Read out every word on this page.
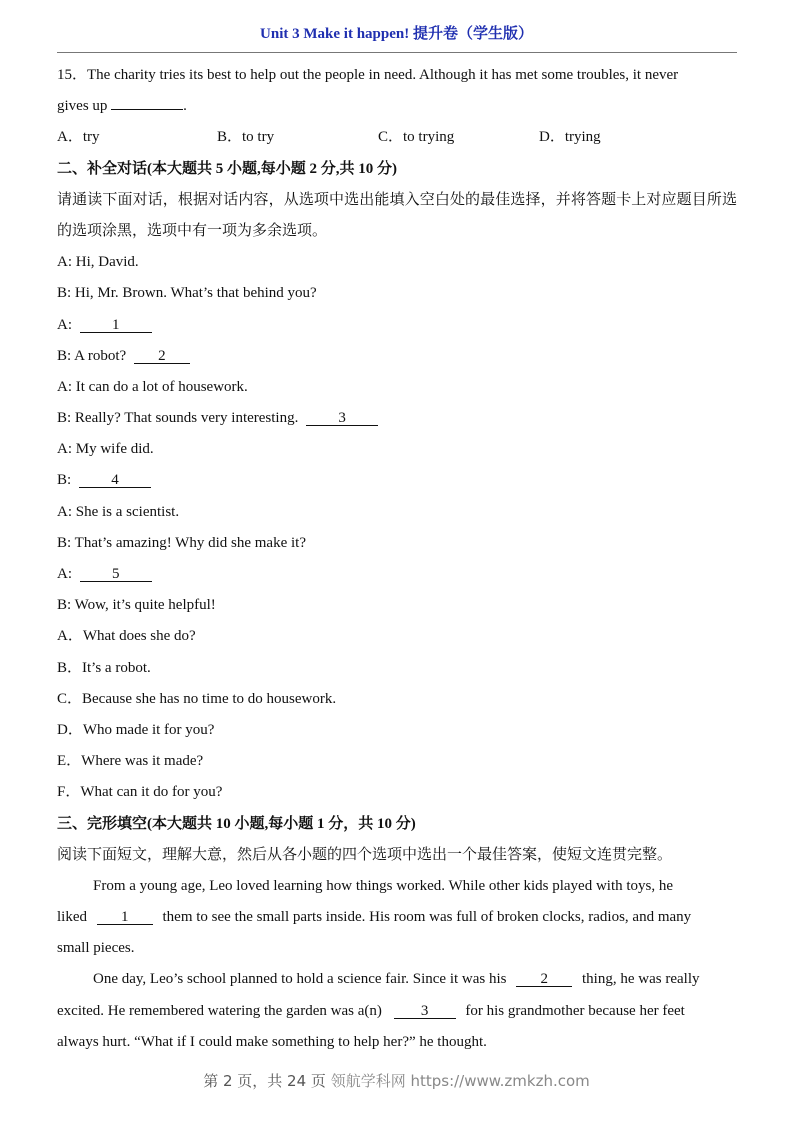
Unit 3 Make it happen! 提升卷（学生版）
15．The charity tries its best to help out the people in need. Although it has met some troubles, it never
gives up	.
A．try	B．to try	C．to trying	D．trying
二、补全对话(本大题共 5 小题,每小题 2 分,共 10 分)
请通读下面对话，根据对话内容，从选项中选出能填入空白处的最佳选择，并将答题卡上对应题目所选的选项涂黑，选项中有一项为多余选项。
A: Hi, David.
B: Hi, Mr. Brown. What’s that behind you?
A: 1
B: A robot? 2
A: It can do a lot of housework.
B: Really? That sounds very interesting. 3
A: My wife did.
B: 4
A: She is a scientist.
B: That’s amazing! Why did she make it?
A: 5
B: Wow, it’s quite helpful!
A．What does she do?
B．It’s a robot.
C．Because she has no time to do housework.
D．Who made it for you?
E．Where was it made?
F．What can it do for you?
三、完形填空(本大题共 10 小题,每小题 1 分，共 10 分)
阅读下面短文，理解大意，然后从各小题的四个选项中选出一个最佳答案，使短文连贯完整。
From a young age, Leo loved learning how things worked. While other kids played with toys, he
liked 1 them to see the small parts inside. His room was full of broken clocks, radios, and many
small pieces.
One day, Leo’s school planned to hold a science fair. Since it was his 2 thing, he was really
excited. He remembered watering the garden was a(n)	3 for his grandmother because her feet
always hurt. “What if I could make something to help her?” he thought.
第 2 页，共 24 页 领航学科网 https://www.zmkzh.com
